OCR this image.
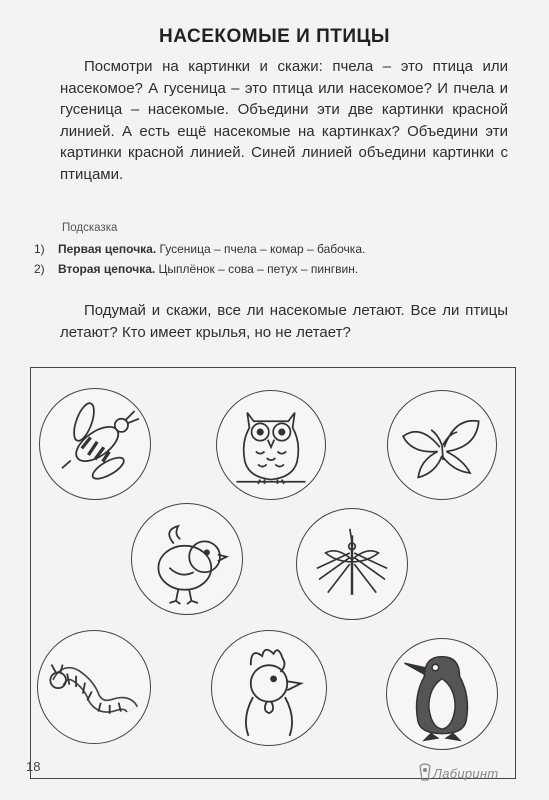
НАСЕКОМЫЕ И ПТИЦЫ

Посмотри на картинки и скажи: пчела – это птица или насекомое? А гусеница – это птица или насекомое? И пчела и гусеница – насекомые. Объедини эти две картинки красной линией. А есть ещё насекомые на картинках? Объедини эти картинки красной линией. Синей линией объедини картинки с птицами.

Подсказка
1) Первая цепочка. Гусеница – пчела – комар – бабочка.
2) Вторая цепочка. Цыплёнок – сова – петух – пингвин.

Подумай и скажи, все ли насекомые летают. Все ли птицы летают? Кто имеет крылья, но не летает?

18	Лабиринт
